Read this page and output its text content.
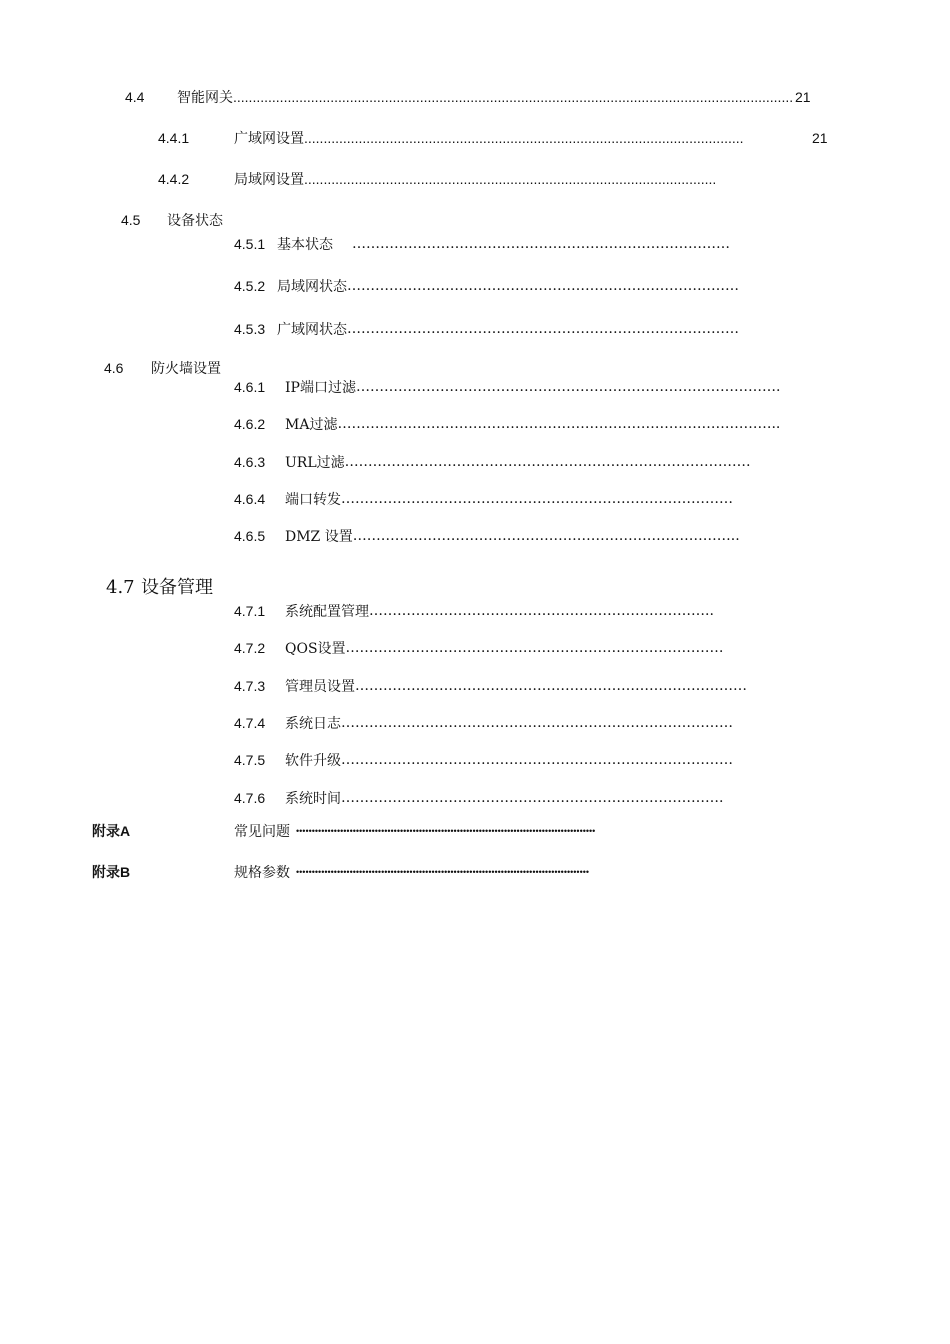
4.4 智能网关................................................................................................................................................ 21
4.4.1	广域网设置.................................................................................................................	21
4.4.2	局域网设置..........................................................................................................
4.5 设备状态
4.5.1 基本状态 ………………………………………………………………………
4.5.2 局域网状态…………………………………………………………………………
4.5.3 广域网状态…………………………………………………………………………
4.6 防火墙设置
4.6.1 IP端口过滤……………………………………………………………………………….
4.6.2 MA过滤…………………………………………………………………………………..
4.6.3 URL过滤……………………………………………………………………………
4.6.4 端口转发…………………………………………………………………………
4.6.5 DMZ 设置………………………………………………………………………..
4.7 设备管理
4.7.1 系统配置管理………………………………………………………………..
4.7.2 QOS设置………………………………………………………………………
4.7.3 管理员设置…………………………………………………………………………
4.7.4 系统日志…………………………………………………………………………
4.7.5 软件升级…………………………………………………………………………
4.7.6 系统时间……………………………………………………………………….
附录A	常见问题 •••••••••••••••••••••••••••••••••••••••••••••••••••••••••••••••••••••••••••••••••••••••••••••••
附录B	规格参数 •••••••••••••••••••••••••••••••••••••••••••••••••••••••••••••••••••••••••••••••••••••••••••••
